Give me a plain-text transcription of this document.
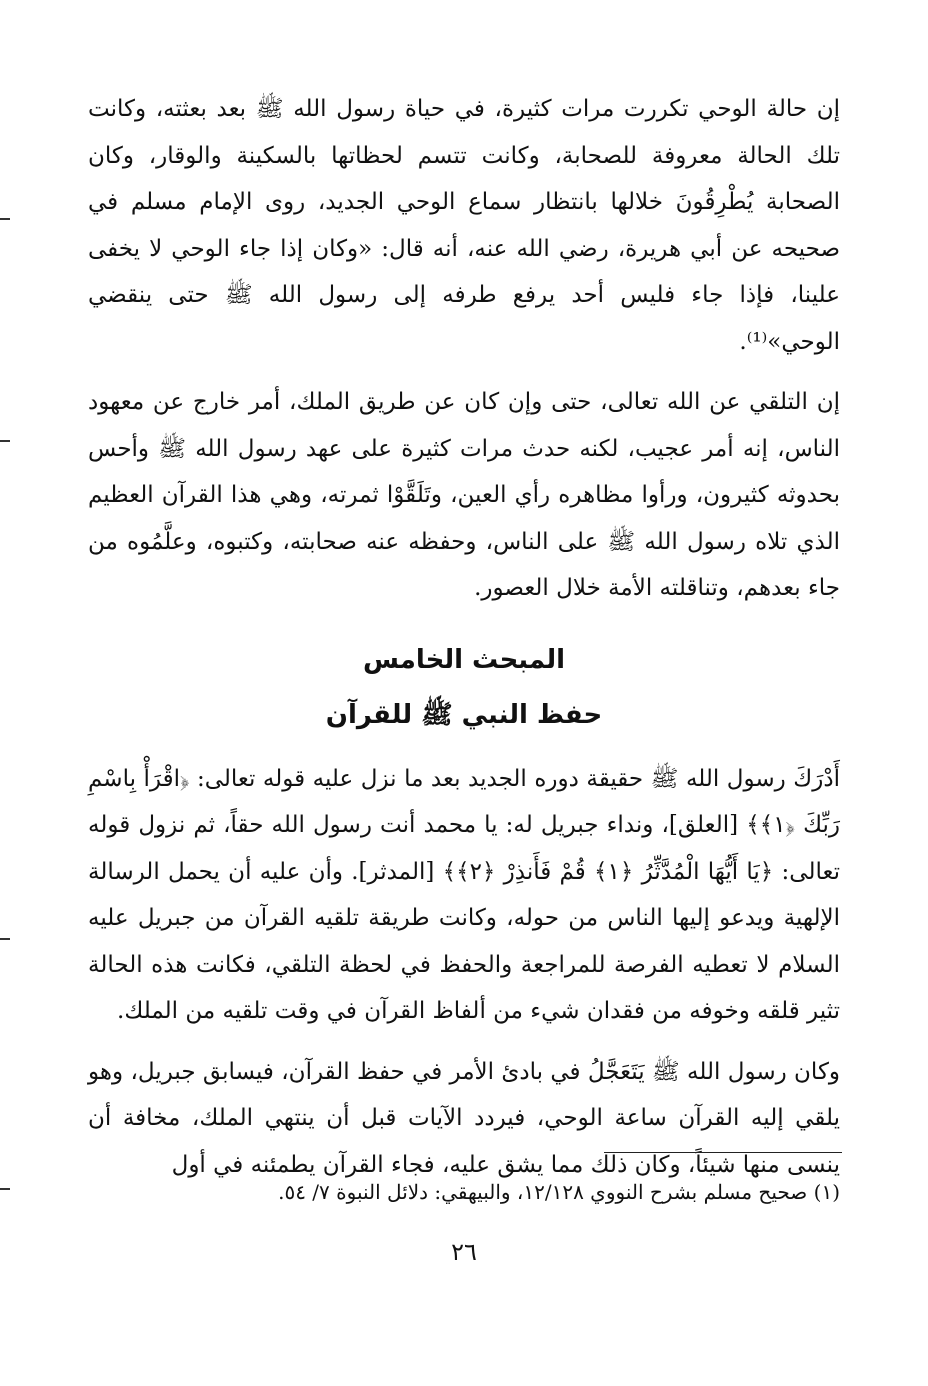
إن حالة الوحي تكررت مرات كثيرة، في حياة رسول الله ﷺ بعد بعثته، وكانت تلك الحالة معروفة للصحابة، وكانت تتسم لحظاتها بالسكينة والوقار، وكان الصحابة يُطْرِقُونَ خلالها بانتظار سماع الوحي الجديد، روى الإمام مسلم في صحيحه عن أبي هريرة، رضي الله عنه، أنه قال: «وكان إذا جاء الوحي لا يخفى علينا، فإذا جاء فليس أحد يرفع طرفه إلى رسول الله ﷺ حتى ينقضي الوحي»⁽¹⁾.

إن التلقي عن الله تعالى، حتى وإن كان عن طريق الملك، أمر خارج عن معهود الناس، إنه أمر عجيب، لكنه حدث مرات كثيرة على عهد رسول الله ﷺ وأحس بحدوثه كثيرون، ورأوا مظاهره رأي العين، وتَلَقَّوْا ثمرته، وهي هذا القرآن العظيم الذي تلاه رسول الله ﷺ على الناس، وحفظه عنه صحابته، وكتبوه، وعلَّمُوه من جاء بعدهم، وتناقلته الأمة خلال العصور.

المبحث الخامس
حفظ النبي ﷺ للقرآن

أَدْرَكَ رسول الله ﷺ حقيقة دوره الجديد بعد ما نزل عليه قوله تعالى: ﴿اقْرَأْ بِاسْمِ رَبِّكَ ﴿١﴾﴾ [العلق]، ونداء جبريل له: يا محمد أنت رسول الله حقاً، ثم نزول قوله تعالى: ﴿يَا أَيُّهَا الْمُدَّثِّرُ ﴿١﴾ قُمْ فَأَنذِرْ ﴿٢﴾﴾ [المدثر]. وأن عليه أن يحمل الرسالة الإلهية ويدعو إليها الناس من حوله، وكانت طريقة تلقيه القرآن من جبريل عليه السلام لا تعطيه الفرصة للمراجعة والحفظ في لحظة التلقي، فكانت هذه الحالة تثير قلقه وخوفه من فقدان شيء من ألفاظ القرآن في وقت تلقيه من الملك.

وكان رسول الله ﷺ يَتَعَجَّلُ في بادئ الأمر في حفظ القرآن، فيسابق جبريل، وهو يلقي إليه القرآن ساعة الوحي، فيردد الآيات قبل أن ينتهي الملك، مخافة أن ينسى منها شيئاً، وكان ذلك مما يشق عليه، فجاء القرآن يطمئنه في أول

(١) صحيح مسلم بشرح النووي ١٢/١٢٨، والبيهقي: دلائل النبوة ٧/ ٥٤.
٢٦
